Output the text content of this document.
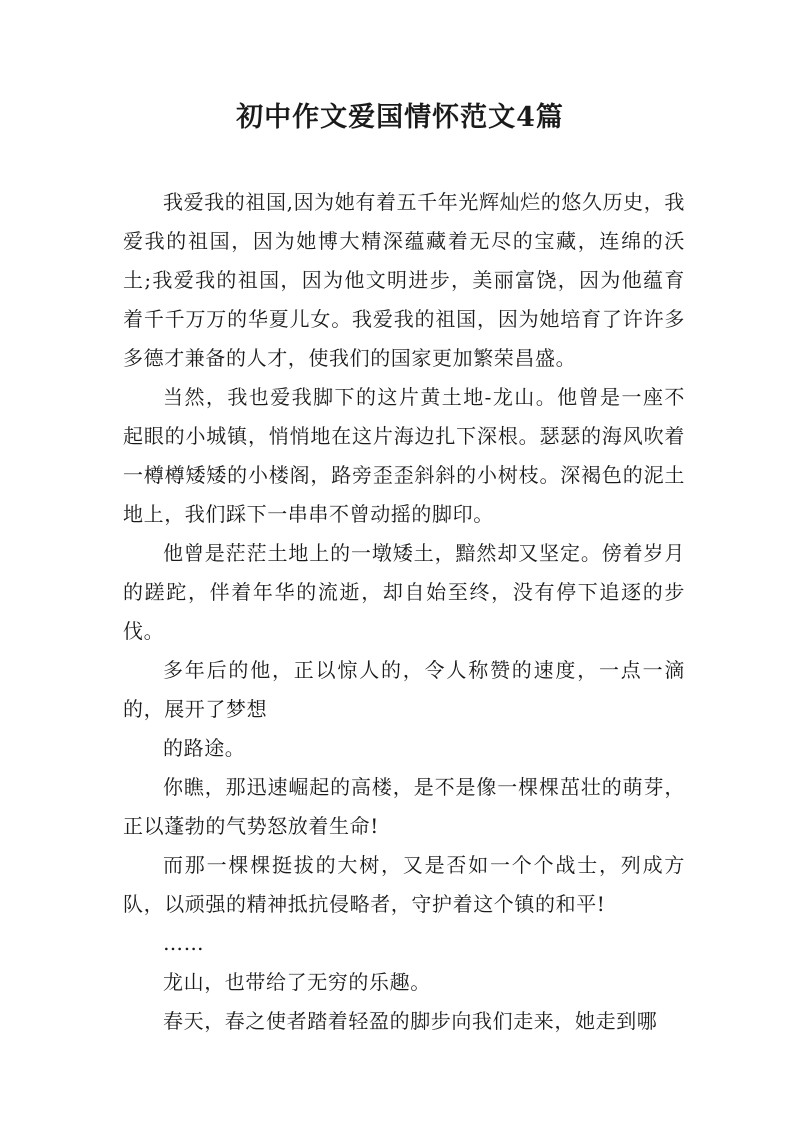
初中作文爱国情怀范文4篇

我爱我的祖国,因为她有着五千年光辉灿烂的悠久历史，我爱我的祖国，因为她博大精深蕴藏着无尽的宝藏，连绵的沃土;我爱我的祖国，因为他文明进步，美丽富饶，因为他蕴育着千千万万的华夏儿女。我爱我的祖国，因为她培育了许许多多德才兼备的人才，使我们的国家更加繁荣昌盛。

当然，我也爱我脚下的这片黄土地-龙山。他曾是一座不起眼的小城镇，悄悄地在这片海边扎下深根。瑟瑟的海风吹着一樽樽矮矮的小楼阁，路旁歪歪斜斜的小树枝。深褐色的泥土地上，我们踩下一串串不曾动摇的脚印。

他曾是茫茫土地上的一墩矮土，黯然却又坚定。傍着岁月的蹉跎，伴着年华的流逝，却自始至终，没有停下追逐的步伐。

多年后的他，正以惊人的，令人称赞的速度，一点一滴的，展开了梦想

的路途。

你瞧，那迅速崛起的高楼，是不是像一棵棵茁壮的萌芽，正以蓬勃的气势怒放着生命!

而那一棵棵挺拔的大树，又是否如一个个战士，列成方队，以顽强的精神抵抗侵略者，守护着这个镇的和平!

……

龙山，也带给了无穷的乐趣。

春天，春之使者踏着轻盈的脚步向我们走来，她走到哪
